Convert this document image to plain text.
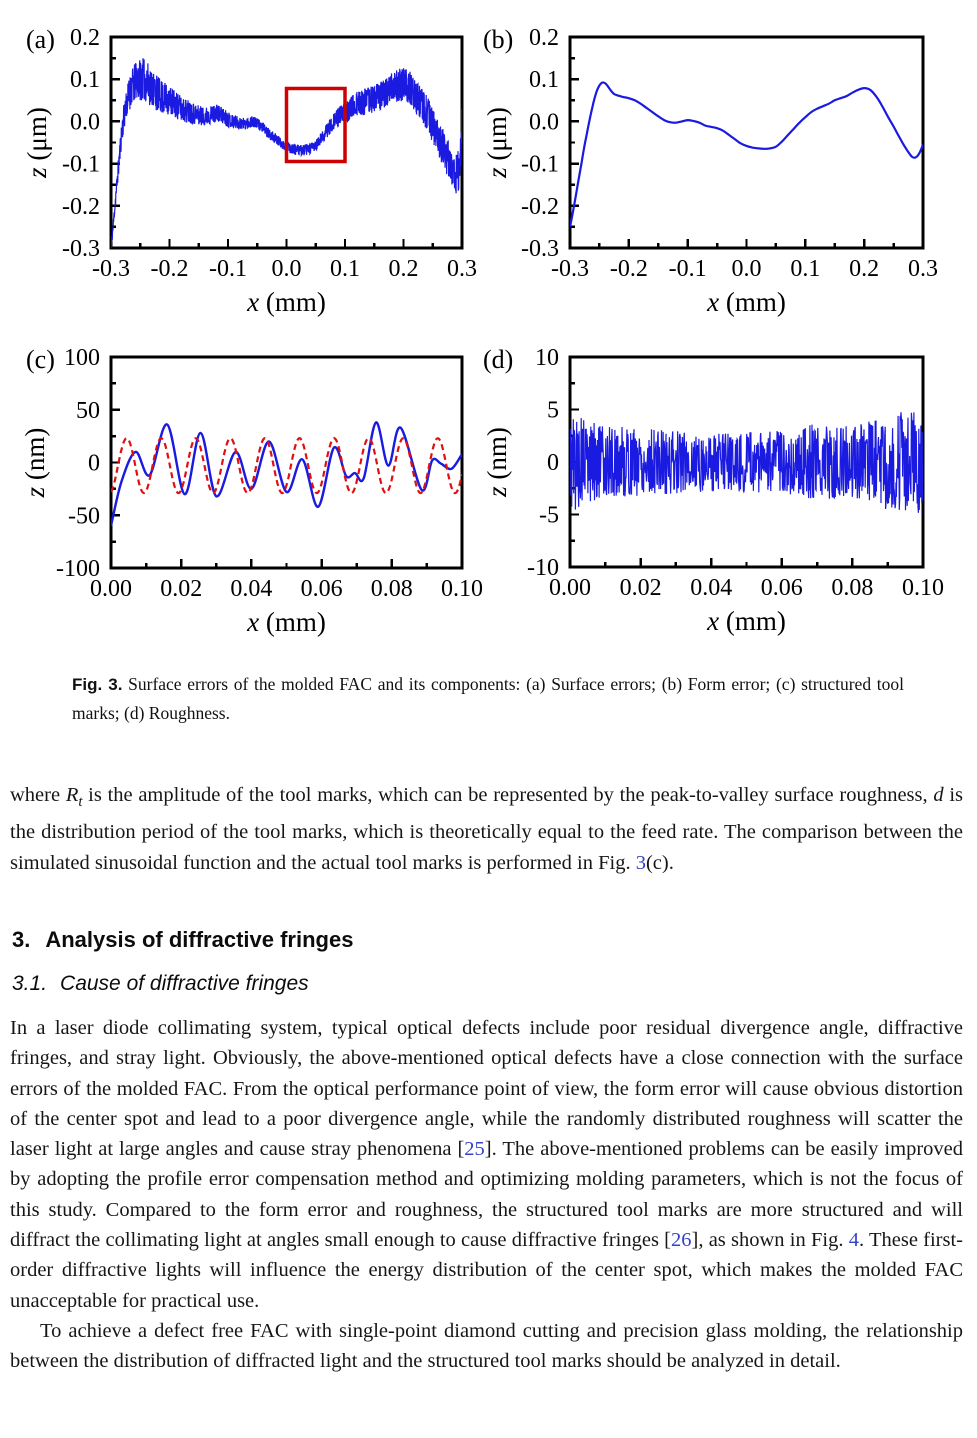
-0.3 -0.2 -0.1 0.0 0.1 0.2 0.3
-0.3
-0.2
-0.1
0.0
0.1
0.2
x (mm)
z (μm)
(a)
-0.3 -0.2 -0.1 0.0 0.1 0.2 0.3
-0.3
-0.2
-0.1
0.0
0.1
0.2
x (mm)
z (μm)
(b)
0.00 0.02 0.04 0.06 0.08 0.10
-100
-50
0
50
100
x (mm)
z (nm)
(c)
0.00 0.02 0.04 0.06 0.08 0.10
-10
-5
0
5
10
x (mm)
z (nm)
(d)
Fig. 3. Surface errors of the molded FAC and its components: (a) Surface errors; (b) Form error; (c) structured tool marks; (d) Roughness.

where $R_t$ is the amplitude of the tool marks, which can be represented by the peak-to-valley surface roughness, d is the distribution period of the tool marks, which is theoretically equal to the feed rate. The comparison between the simulated sinusoidal function and the actual tool marks is performed in Fig. 3(c).

3. Analysis of diffractive fringes
3.1. Cause of diffractive fringes

In a laser diode collimating system, typical optical defects include poor residual divergence angle, diffractive fringes, and stray light. Obviously, the above-mentioned optical defects have a close connection with the surface errors of the molded FAC. From the optical performance point of view, the form error will cause obvious distortion of the center spot and lead to a poor divergence angle, while the randomly distributed roughness will scatter the laser light at large angles and cause stray phenomena [25]. The above-mentioned problems can be easily improved by adopting the profile error compensation method and optimizing molding parameters, which is not the focus of this study. Compared to the form error and roughness, the structured tool marks are more structured and will diffract the collimating light at angles small enough to cause diffractive fringes [26], as shown in Fig. 4. These first-order diffractive lights will influence the energy distribution of the center spot, which makes the molded FAC unacceptable for practical use.

To achieve a defect free FAC with single-point diamond cutting and precision glass molding, the relationship between the distribution of diffracted light and the structured tool marks should be analyzed in detail.
